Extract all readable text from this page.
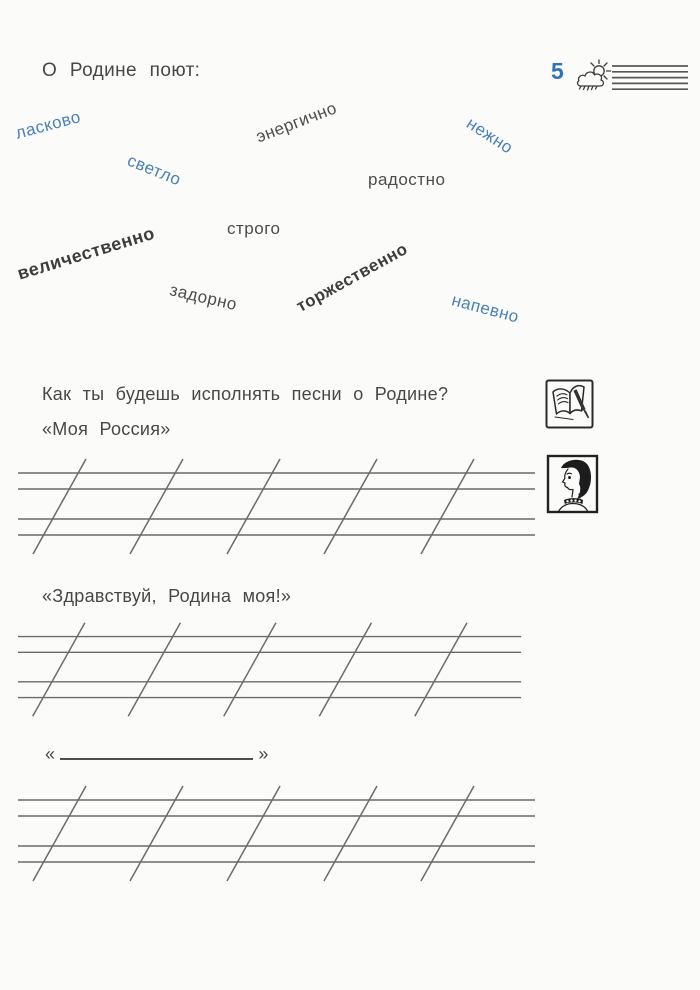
О Родине поют:	5
ласково
светло
энергично	нежно
радостно
строго
величественно
задорно	торжественно напевно
Как ты будешь исполнять песни о Родине?
«Моя Россия»
«Здравствуй, Родина моя!»
«	»
